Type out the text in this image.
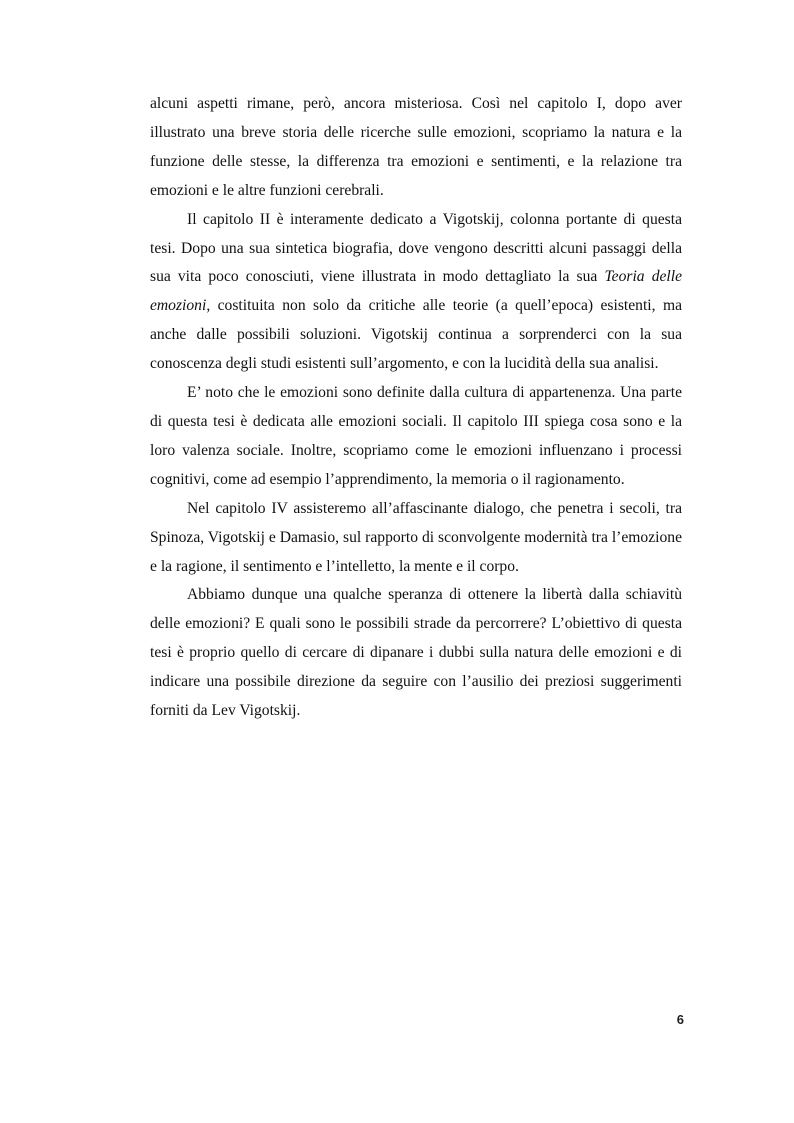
alcuni aspetti rimane, però, ancora misteriosa. Così nel capitolo I, dopo aver illustrato una breve storia delle ricerche sulle emozioni, scopriamo la natura e la funzione delle stesse, la differenza tra emozioni e sentimenti, e la relazione tra emozioni e le altre funzioni cerebrali.

Il capitolo II è interamente dedicato a Vigotskij, colonna portante di questa tesi. Dopo una sua sintetica biografia, dove vengono descritti alcuni passaggi della sua vita poco conosciuti, viene illustrata in modo dettagliato la sua Teoria delle emozioni, costituita non solo da critiche alle teorie (a quell’epoca) esistenti, ma anche dalle possibili soluzioni. Vigotskij continua a sorprenderci con la sua conoscenza degli studi esistenti sull’argomento, e con la lucidità della sua analisi.

E’ noto che le emozioni sono definite dalla cultura di appartenenza. Una parte di questa tesi è dedicata alle emozioni sociali. Il capitolo III spiega cosa sono e la loro valenza sociale. Inoltre, scopriamo come le emozioni influenzano i processi cognitivi, come ad esempio l’apprendimento, la memoria o il ragionamento.

Nel capitolo IV assisteremo all’affascinante dialogo, che penetra i secoli, tra Spinoza, Vigotskij e Damasio, sul rapporto di sconvolgente modernità tra l’emozione e la ragione, il sentimento e l’intelletto, la mente e il corpo.

Abbiamo dunque una qualche speranza di ottenere la libertà dalla schiavitù delle emozioni? E quali sono le possibili strade da percorrere? L’obiettivo di questa tesi è proprio quello di cercare di dipanare i dubbi sulla natura delle emozioni e di indicare una possibile direzione da seguire con l’ausilio dei preziosi suggerimenti forniti da Lev Vigotskij.

6
